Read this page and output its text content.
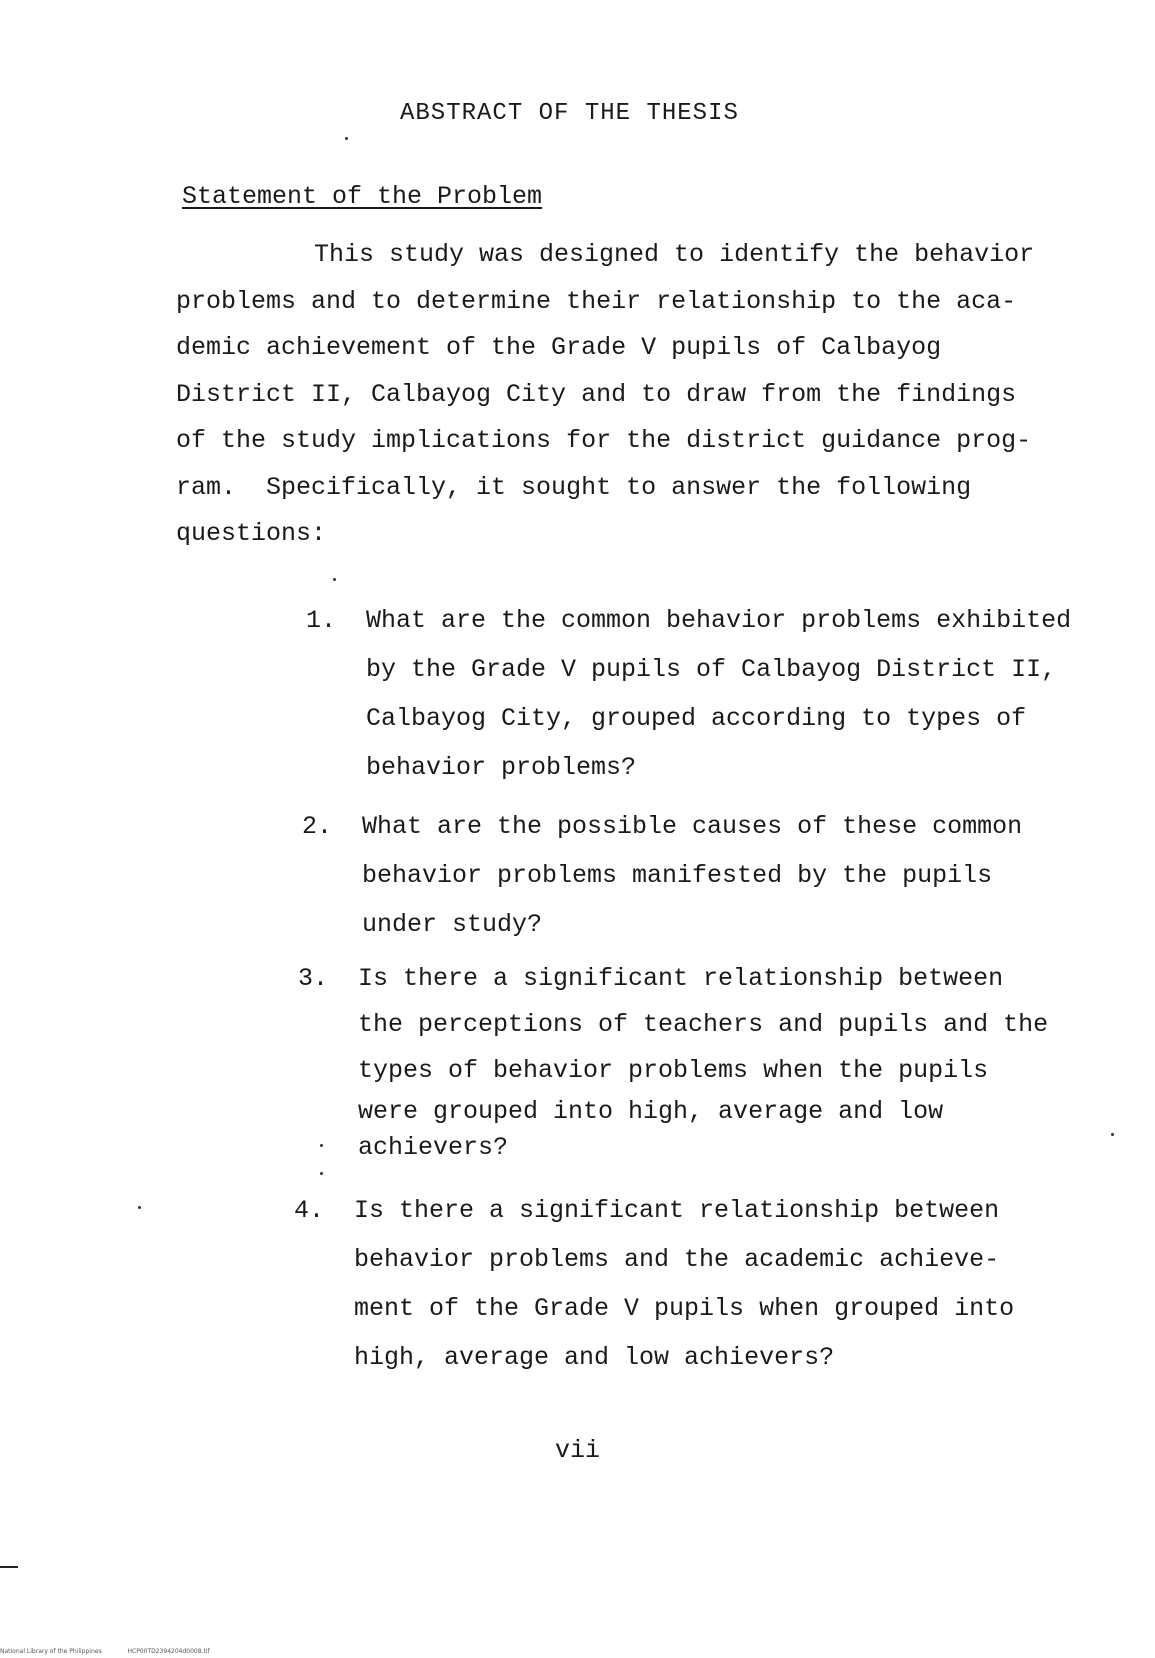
ABSTRACT OF THE THESIS
Statement of the Problem

This study was designed to identify the behavior
problems and to determine their relationship to the aca-
demic achievement of the Grade V pupils of Calbayog
District II, Calbayog City and to draw from the findings
of the study implications for the district guidance prog-
ram.  Specifically, it sought to answer the following
questions:

1.	What are the common behavior problems exhibited
by the Grade V pupils of Calbayog District II,
Calbayog City, grouped according to types of
behavior problems?
2.	What are the possible causes of these common
behavior problems manifested by the pupils
under study?
3.	Is there a significant relationship between
the perceptions of teachers and pupils and the
types of behavior problems when the pupils
were grouped into high, average and low
achievers?
4.	Is there a significant relationship between
behavior problems and the academic achieve-
ment of the Grade V pupils when grouped into
high, average and low achievers?
vii
National Library of the Philippines	HCP00TD2394204d0008.tif
